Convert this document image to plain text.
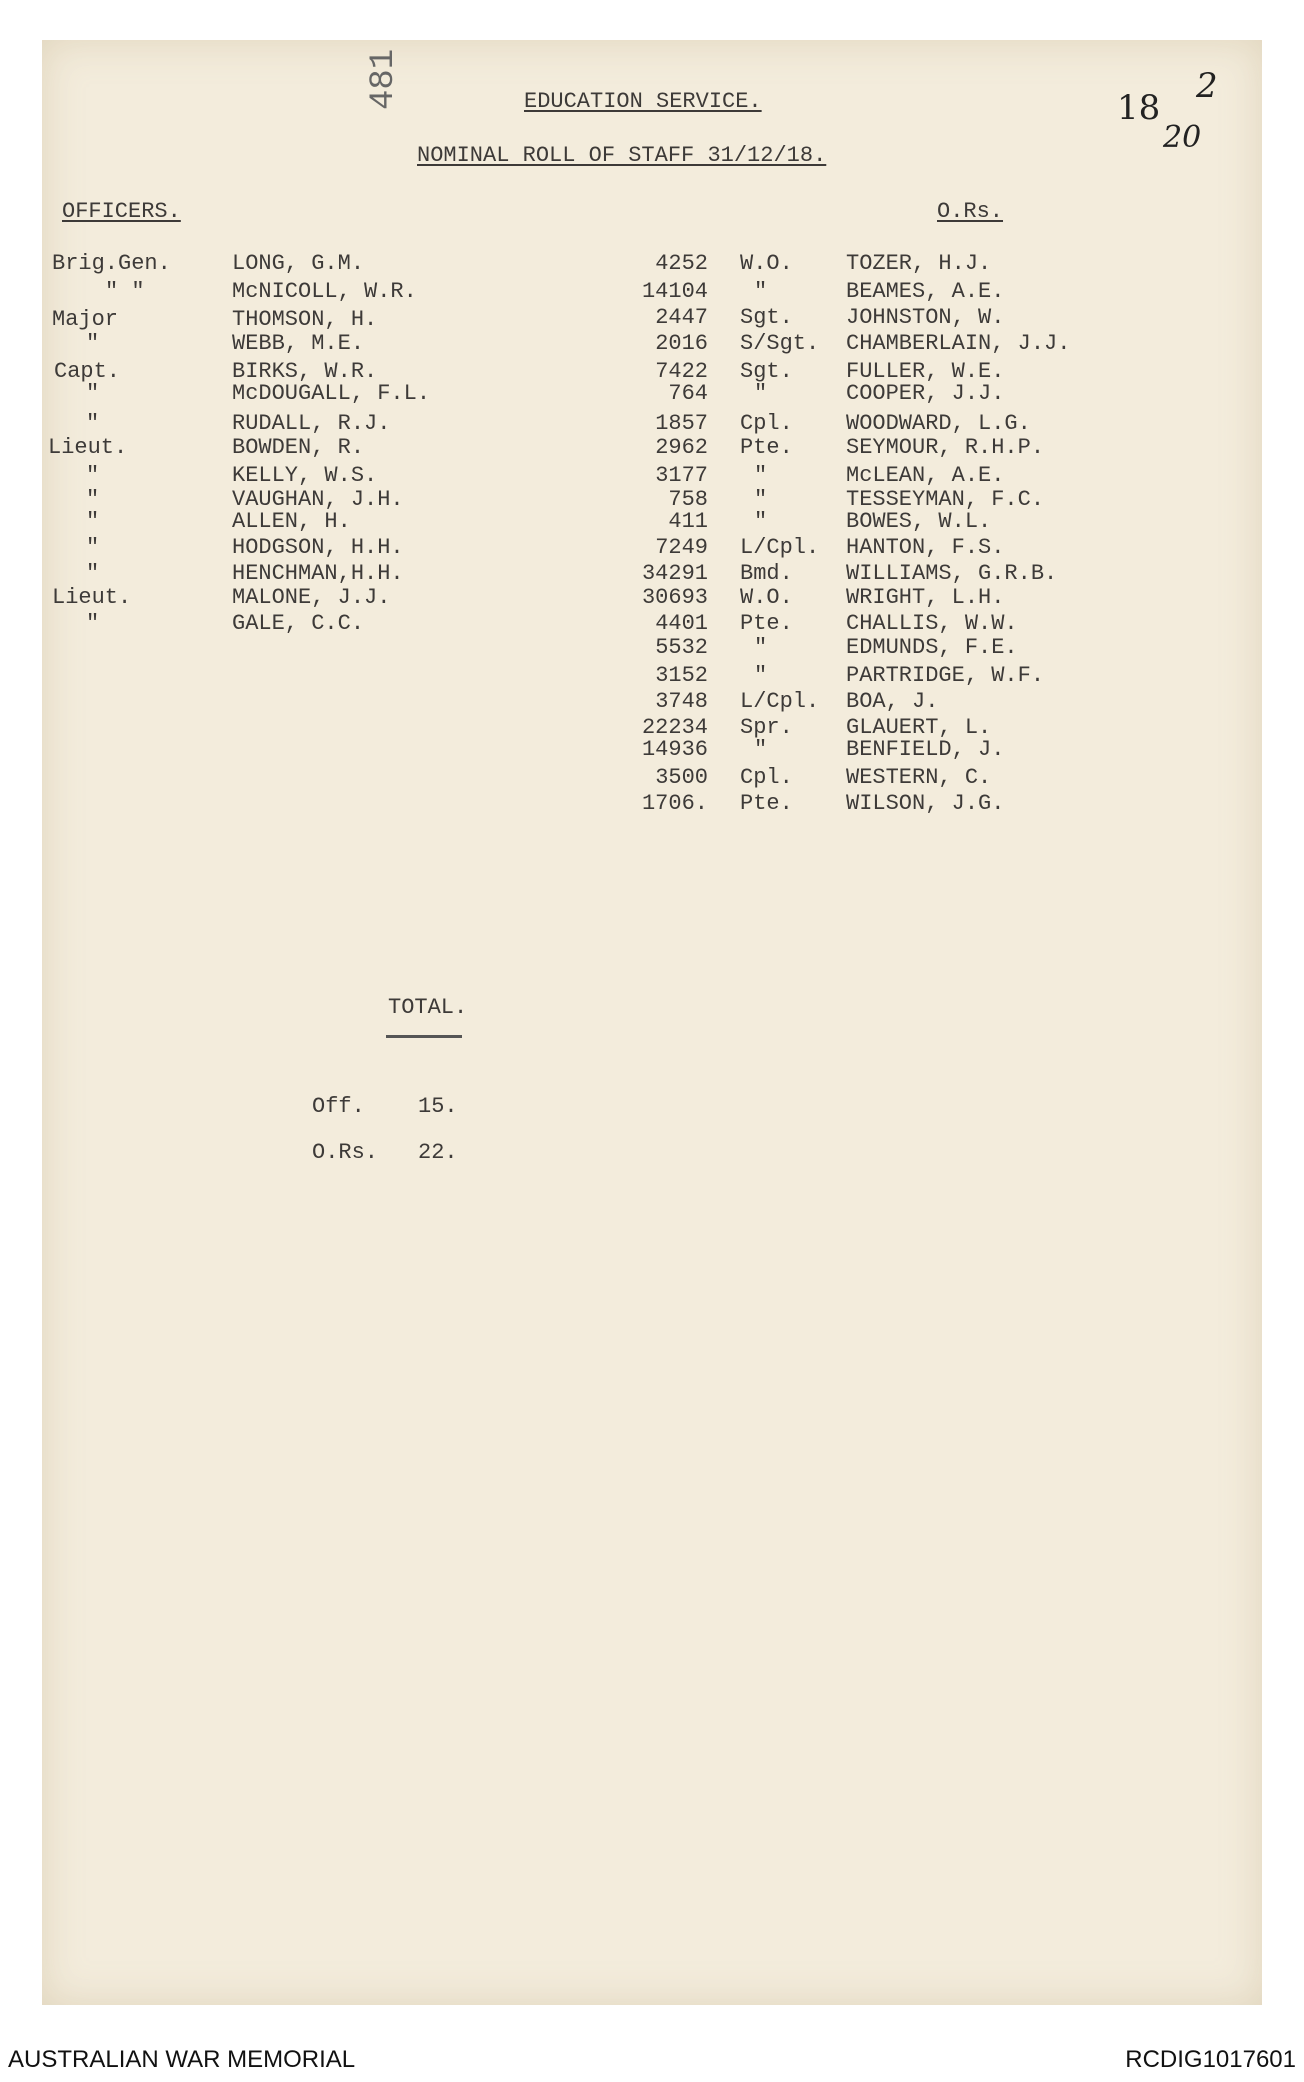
EDUCATION SERVICE.
NOMINAL ROLL OF STAFF 31/12/18.
481	18
2
20
OFFICERS.	O.Rs.
Brig.Gen.	LONG, G.M.
" "	McNICOLL, W.R.
Major	THOMSON, H.
"	WEBB, M.E.
Capt.	BIRKS, W.R.
"	McDOUGALL, F.L.
"	RUDALL, R.J.
Lieut.	BOWDEN, R.
"	KELLY, W.S.
"	VAUGHAN, J.H.
"	ALLEN, H.
"	HODGSON, H.H.
"	HENCHMAN,H.H.
Lieut.	MALONE, J.J.
"	GALE, C.C.
4252 W.O. TOZER, H.J.
14104 "	BEAMES, A.E.
2447 Sgt. JOHNSTON, W.
2016 S/Sgt. CHAMBERLAIN, J.J.
7422 Sgt. FULLER, W.E.
764 "	COOPER, J.J.
1857 Cpl. WOODWARD, L.G.
2962 Pte. SEYMOUR, R.H.P.
3177 "	McLEAN, A.E.
758 "	TESSEYMAN, F.C.
411 "	BOWES, W.L.
7249 L/Cpl. HANTON, F.S.
34291 Bmd. WILLIAMS, G.R.B.
30693 W.O. WRIGHT, L.H.
4401 Pte. CHALLIS, W.W.
5532 "	EDMUNDS, F.E.
3152 "	PARTRIDGE, W.F.
3748 L/Cpl. BOA, J.
22234 Spr. GLAUERT, L.
14936 "	BENFIELD, J.
3500 Cpl. WESTERN, C.
1706. Pte. WILSON, J.G.
TOTAL.
Off. 15.
O.Rs. 22.
AUSTRALIAN WAR MEMORIAL	RCDIG1017601
